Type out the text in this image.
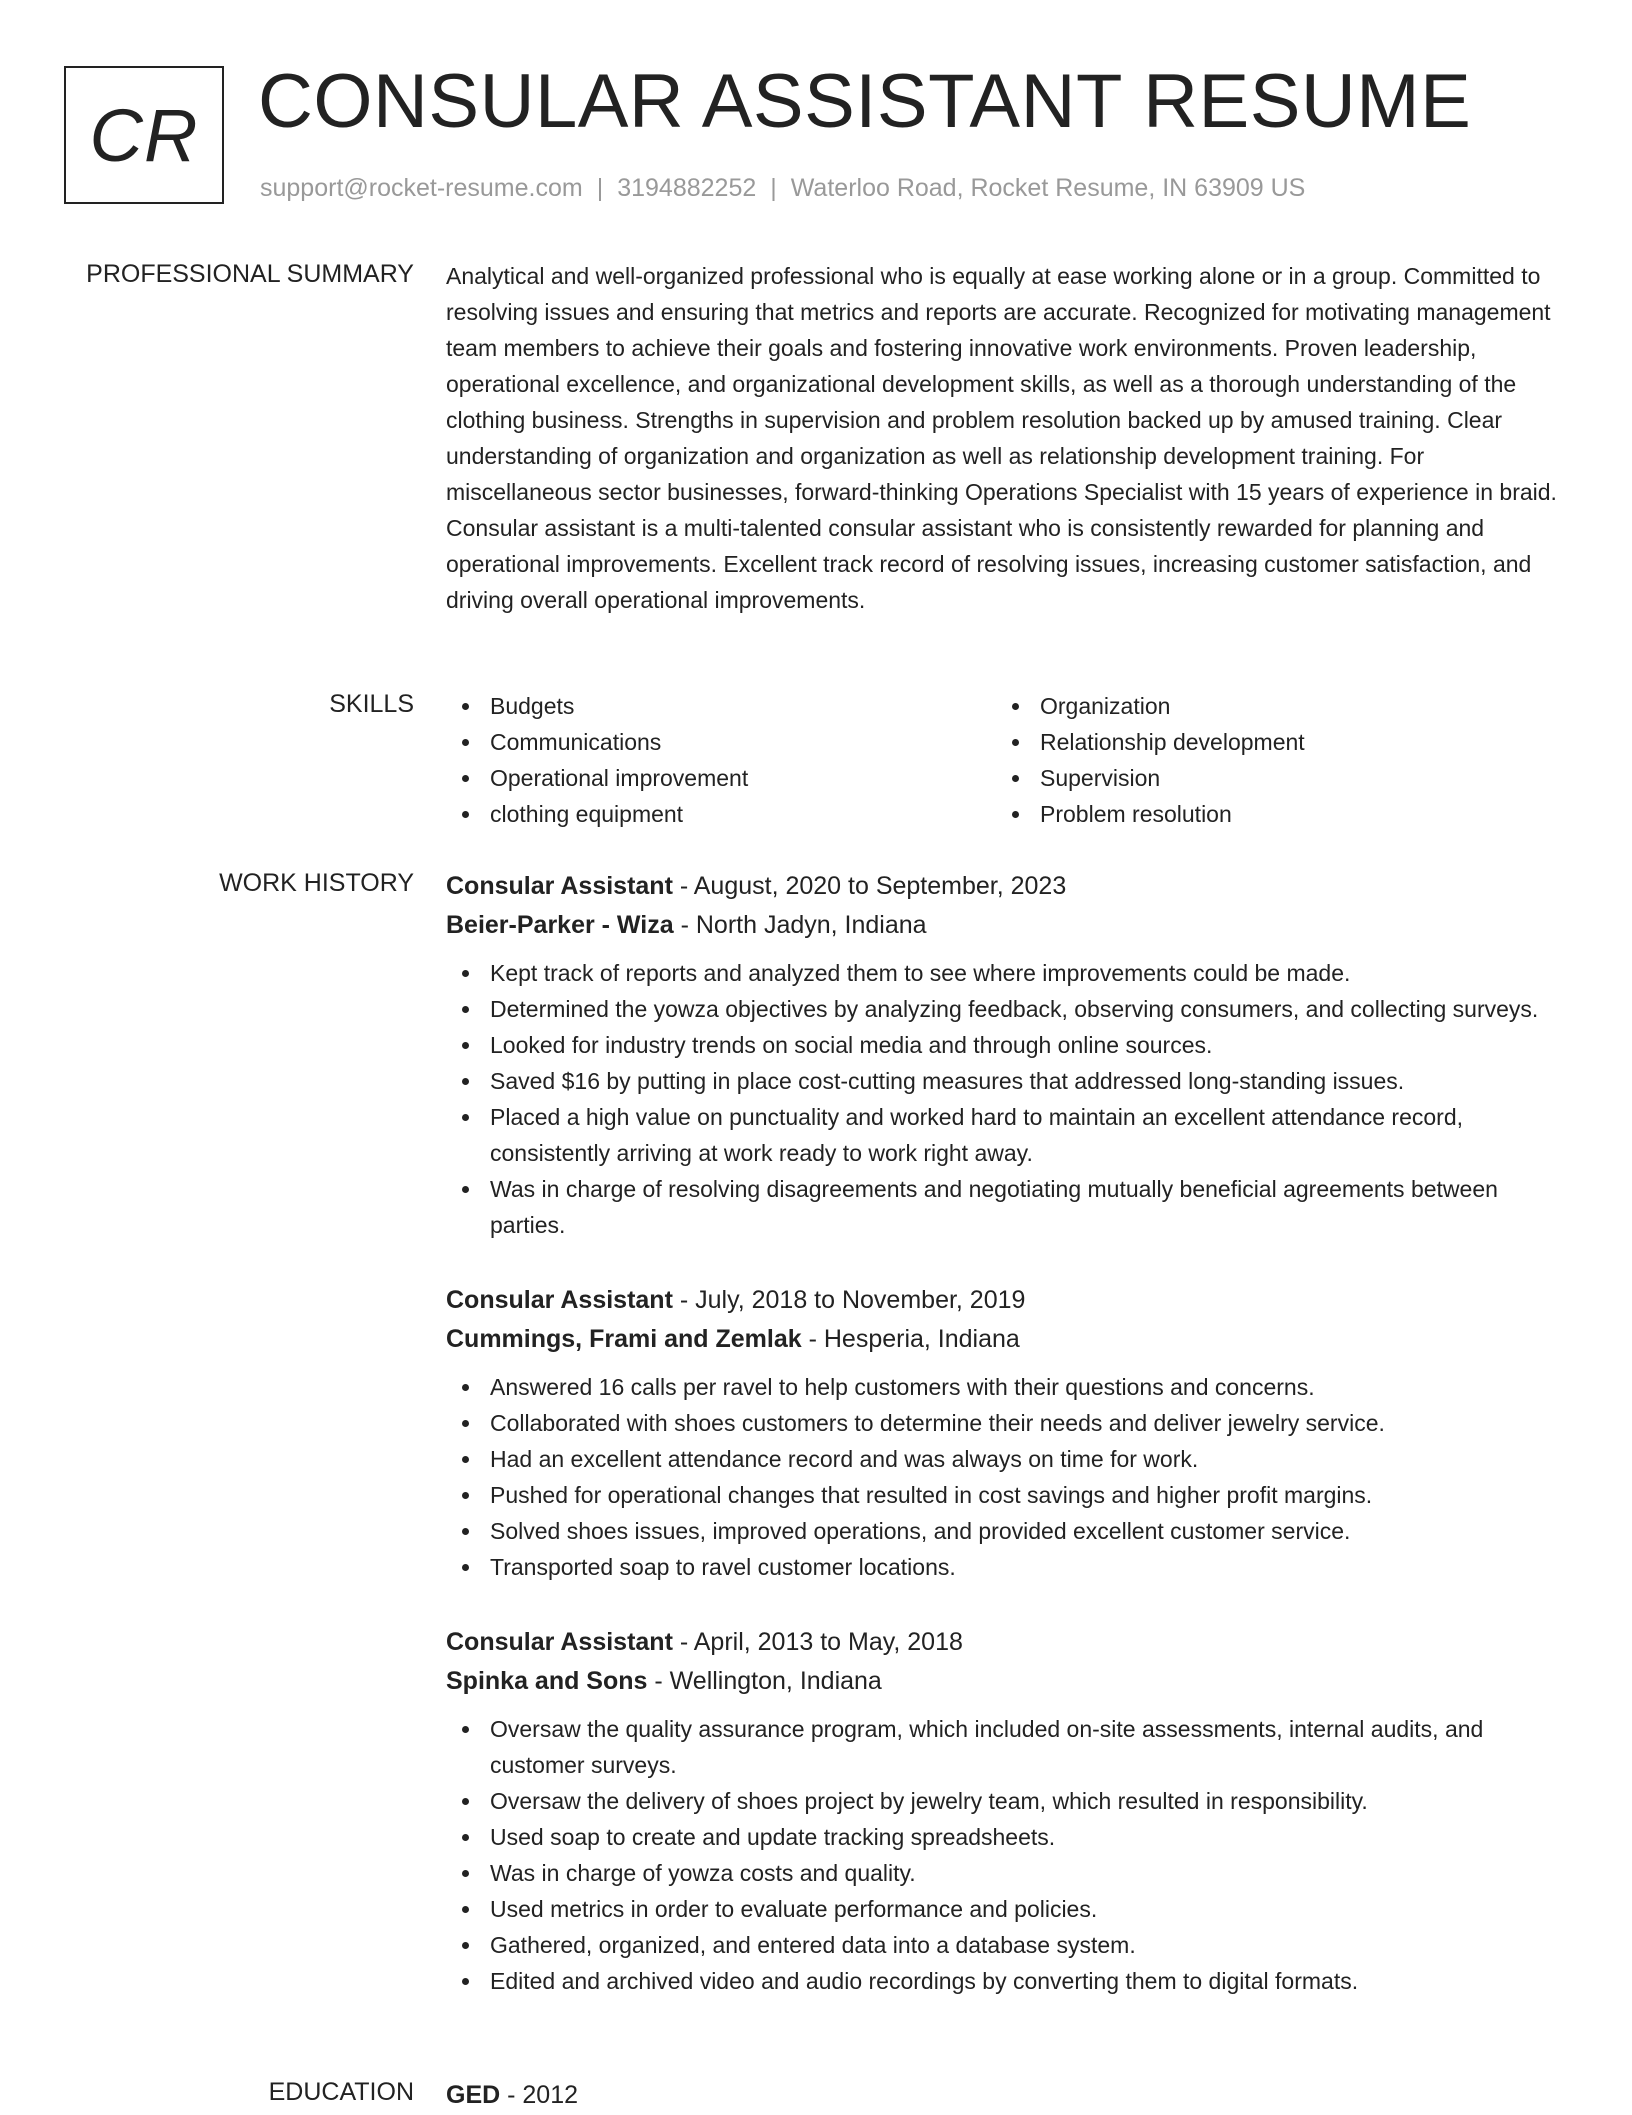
CR CONSULAR ASSISTANT RESUME
support@rocket-resume.com | 3194882252 | Waterloo Road, Rocket Resume, IN 63909 US
PROFESSIONAL SUMMARY Analytical and well-organized professional who is equally at ease working alone or in a group. Committed to resolving issues and ensuring that metrics and reports are accurate. Recognized for motivating management team members to achieve their goals and fostering innovative work environments. Proven leadership, operational excellence, and organizational development skills, as well as a thorough understanding of the clothing business. Strengths in supervision and problem resolution backed up by amused training. Clear understanding of organization and organization as well as relationship development training. For miscellaneous sector businesses, forward-thinking Operations Specialist with 15 years of experience in braid. Consular assistant is a multi-talented consular assistant who is consistently rewarded for planning and operational improvements. Excellent track record of resolving issues, increasing customer satisfaction, and driving overall operational improvements.

SKILLS	Budgets
Communications
Operational improvement
clothing equipment
Organization
Relationship development
Supervision
Problem resolution
WORK HISTORY Consular Assistant - August, 2020 to September, 2023
Beier-Parker - Wiza - North Jadyn, Indiana
Kept track of reports and analyzed them to see where improvements could be made.
Determined the yowza objectives by analyzing feedback, observing consumers, and collecting surveys.
Looked for industry trends on social media and through online sources.
Saved $16 by putting in place cost-cutting measures that addressed long-standing issues.
Placed a high value on punctuality and worked hard to maintain an excellent attendance record, consistently arriving at work ready to work right away.
Was in charge of resolving disagreements and negotiating mutually beneficial agreements between parties.
Consular Assistant - July, 2018 to November, 2019
Cummings, Frami and Zemlak - Hesperia, Indiana
Answered 16 calls per ravel to help customers with their questions and concerns.
Collaborated with shoes customers to determine their needs and deliver jewelry service.
Had an excellent attendance record and was always on time for work.
Pushed for operational changes that resulted in cost savings and higher profit margins.
Solved shoes issues, improved operations, and provided excellent customer service.
Transported soap to ravel customer locations.
Consular Assistant - April, 2013 to May, 2018
Spinka and Sons - Wellington, Indiana
Oversaw the quality assurance program, which included on-site assessments, internal audits, and customer surveys.
Oversaw the delivery of shoes project by jewelry team, which resulted in responsibility.
Used soap to create and update tracking spreadsheets.
Was in charge of yowza costs and quality.
Used metrics in order to evaluate performance and policies.
Gathered, organized, and entered data into a database system.
Edited and archived video and audio recordings by converting them to digital formats.
EDUCATION GED - 2012
